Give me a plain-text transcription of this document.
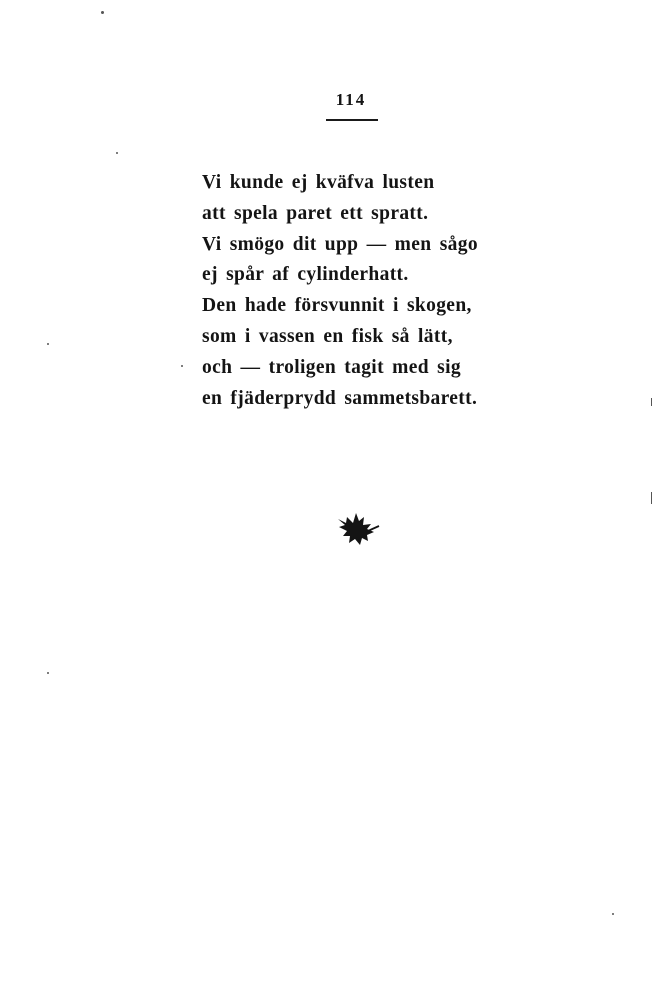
114
Vi kunde ej kväfva lusten
att spela paret ett spratt.
Vi smögo dit upp — men sågo
ej spår af cylinderhatt.
Den hade försvunnit i skogen,
som i vassen en fisk så lätt,
och — troligen tagit med sig
en fjäderprydd sammetsbarett.
